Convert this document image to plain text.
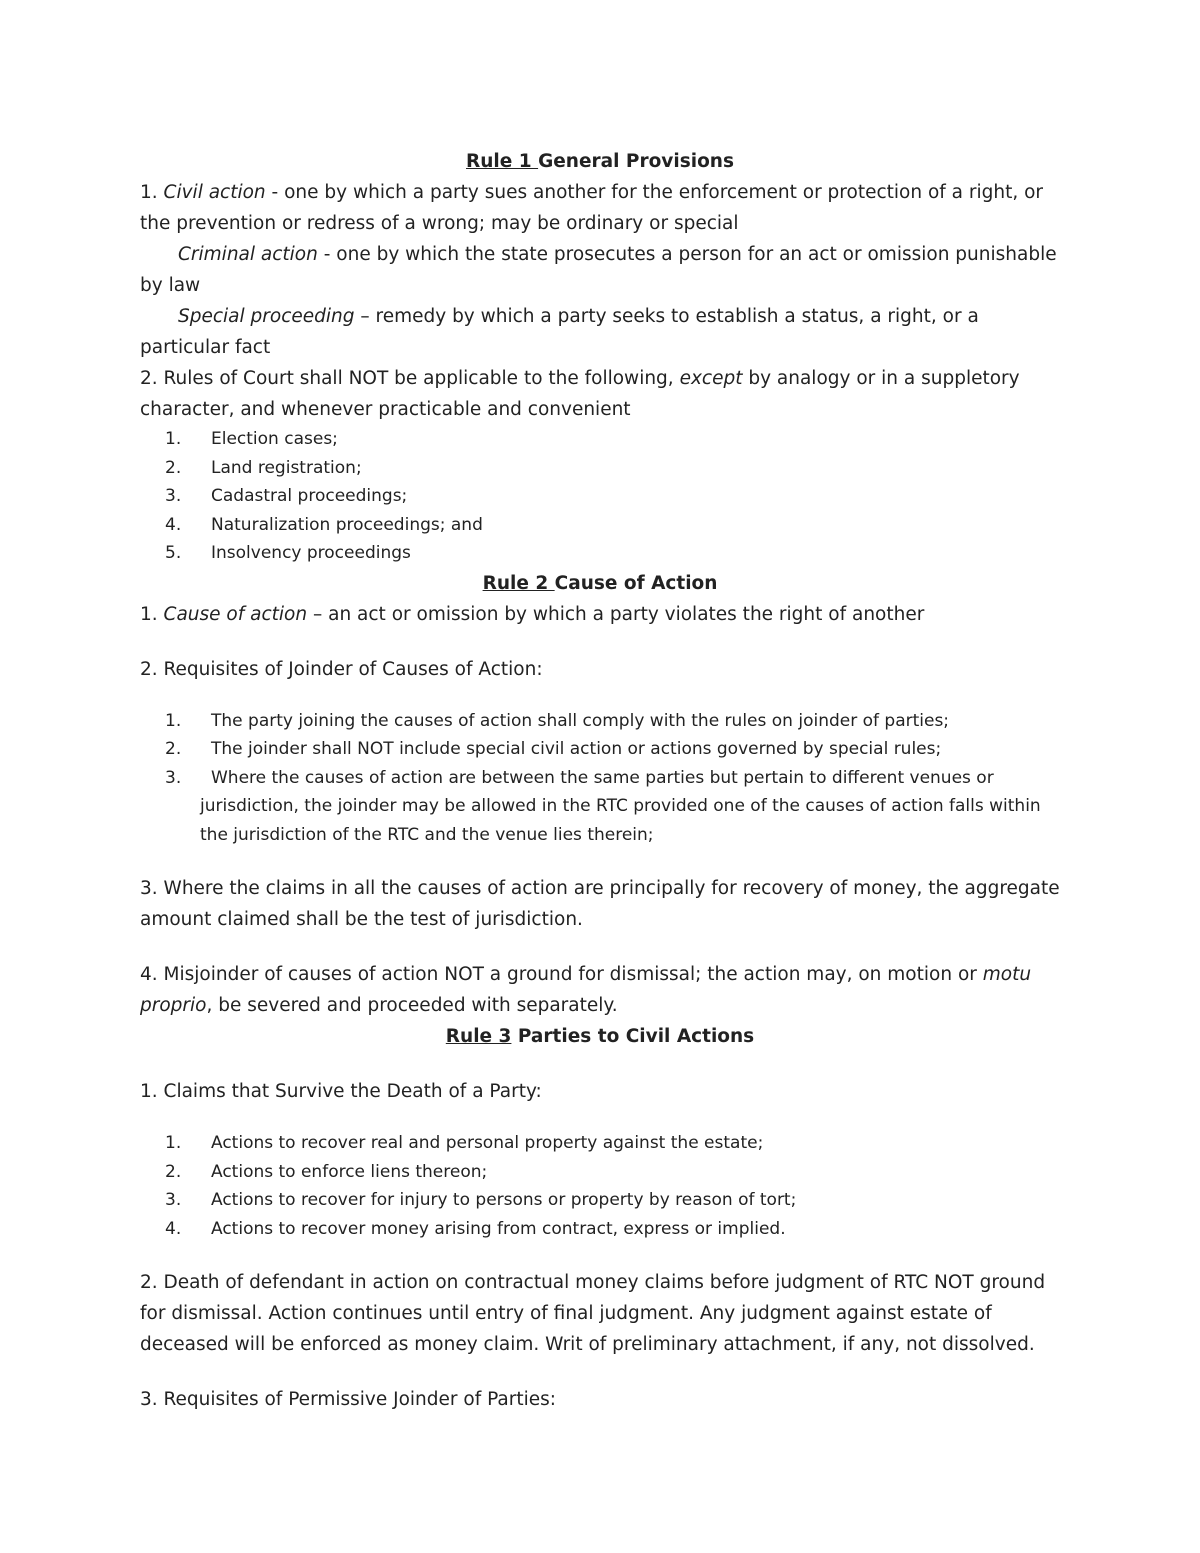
Rule 1 General Provisions

1. Civil action - one by which a party sues another for the enforcement or protection of a right, or the prevention or redress of a wrong; may be ordinary or special

Criminal action - one by which the state prosecutes a person for an act or omission punishable by law

Special proceeding – remedy by which a party seeks to establish a status, a right, or a particular fact

2. Rules of Court shall NOT be applicable to the following, except by analogy or in a suppletory character, and whenever practicable and convenient

1. Election cases;
2. Land registration;
3. Cadastral proceedings;
4. Naturalization proceedings; and
5. Insolvency proceedings

Rule 2 Cause of Action

1. Cause of action – an act or omission by which a party violates the right of another

2. Requisites of Joinder of Causes of Action:

1. The party joining the causes of action shall comply with the rules on joinder of parties;
2. The joinder shall NOT include special civil action or actions governed by special rules;
3. Where the causes of action are between the same parties but pertain to different venues or jurisdiction, the joinder may be allowed in the RTC provided one of the causes of action falls within the jurisdiction of the RTC and the venue lies therein;

3. Where the claims in all the causes of action are principally for recovery of money, the aggregate amount claimed shall be the test of jurisdiction.

4. Misjoinder of causes of action NOT a ground for dismissal; the action may, on motion or motu proprio, be severed and proceeded with separately.

Rule 3 Parties to Civil Actions

1. Claims that Survive the Death of a Party:

1. Actions to recover real and personal property against the estate;
2. Actions to enforce liens thereon;
3. Actions to recover for injury to persons or property by reason of tort;
4. Actions to recover money arising from contract, express or implied.

2. Death of defendant in action on contractual money claims before judgment of RTC NOT ground for dismissal. Action continues until entry of final judgment. Any judgment against estate of deceased will be enforced as money claim. Writ of preliminary attachment, if any, not dissolved.

3. Requisites of Permissive Joinder of Parties:
